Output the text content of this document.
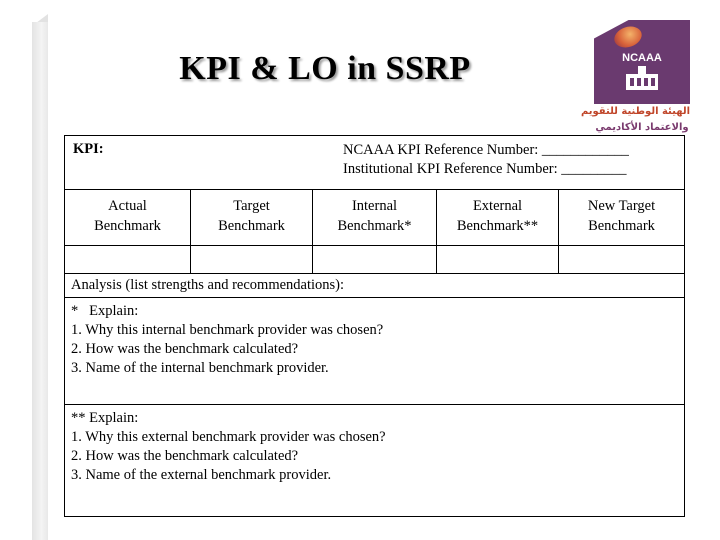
KPI & LO in SSRP	NCAAA
الهيئة الوطنية للتقويم
والاعتماد الأكاديمي
KPI:	NCAAA KPI Reference Number: ____________
Institutional KPI Reference Number: _________
Actual
Benchmark
Target
Benchmark
Internal
Benchmark*
External
Benchmark**
New Target
Benchmark
Analysis (list strengths and recommendations):
*   Explain:
1. Why this internal benchmark provider was chosen?
2. How was the benchmark calculated?
3. Name of the internal benchmark provider.
** Explain:
1. Why this external benchmark provider was chosen?
2. How was the benchmark calculated?
3. Name of the external benchmark provider.
